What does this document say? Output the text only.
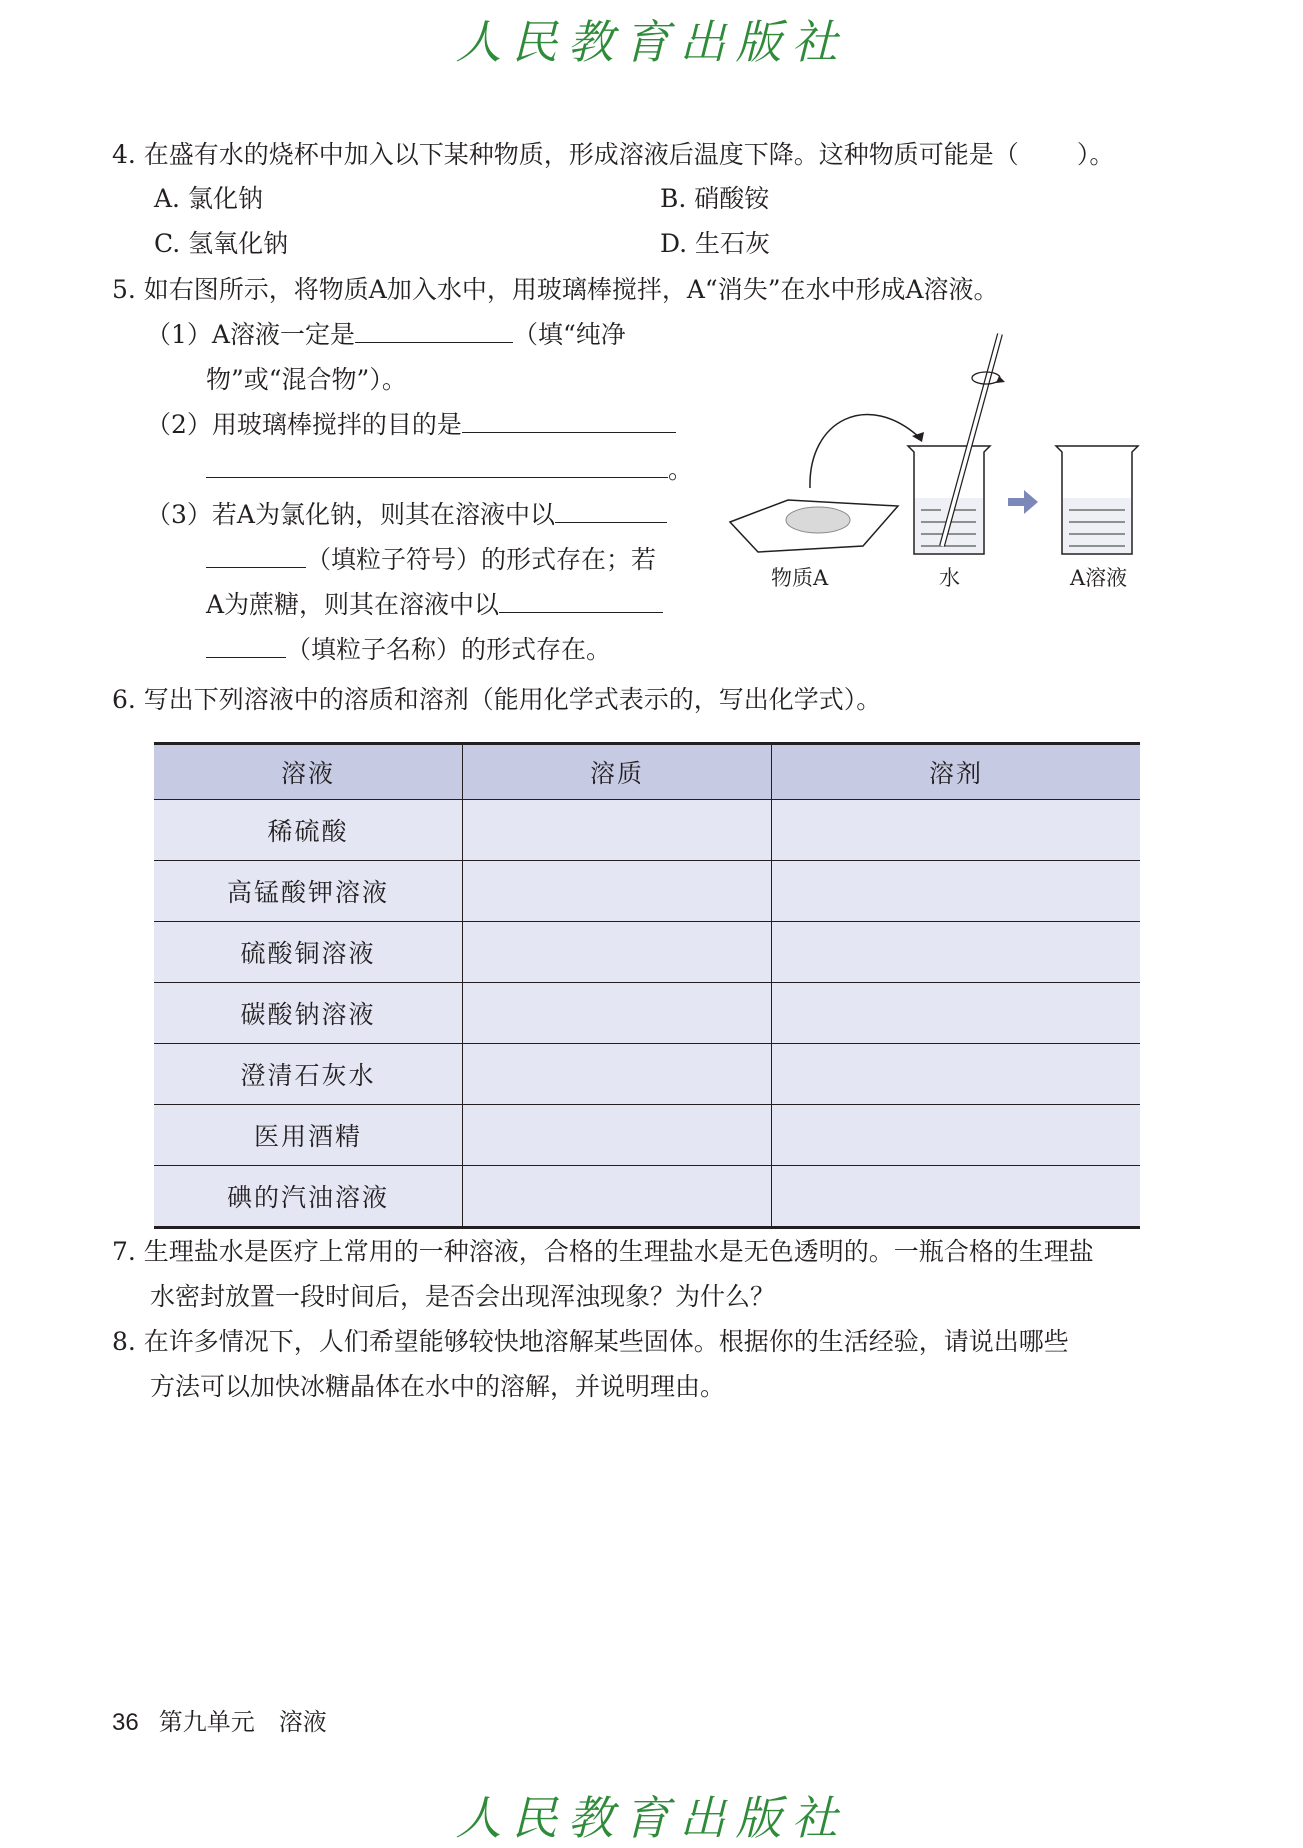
人民教育出版社
4. 在盛有水的烧杯中加入以下某种物质，形成溶液后温度下降。这种物质可能是（ ）。
A. 氯化钠	B. 硝酸铵
C. 氢氧化钠	D. 生石灰
5. 如右图所示，将物质A加入水中，用玻璃棒搅拌，A“消失”在水中形成A溶液。
（1）A溶液一定是	（填“纯净
物”或“混合物”）。
（2）用玻璃棒搅拌的目的是
。
（3）若A为氯化钠，则其在溶液中以
（填粒子符号）的形式存在；若
A为蔗糖，则其在溶液中以
（填粒子名称）的形式存在。
物质A	水	A溶液
6. 写出下列溶液中的溶质和溶剂（能用化学式表示的，写出化学式）。
溶液	溶质	溶剂
稀硫酸		
高锰酸钾溶液		
硫酸铜溶液		
碳酸钠溶液		
澄清石灰水		
医用酒精		
碘的汽油溶液		
7. 生理盐水是医疗上常用的一种溶液，合格的生理盐水是无色透明的。一瓶合格的生理盐
水密封放置一段时间后，是否会出现浑浊现象？为什么？
8. 在许多情况下，人们希望能够较快地溶解某些固体。根据你的生活经验，请说出哪些
方法可以加快冰糖晶体在水中的溶解，并说明理由。
36 第九单元　溶液
人民教育出版社
